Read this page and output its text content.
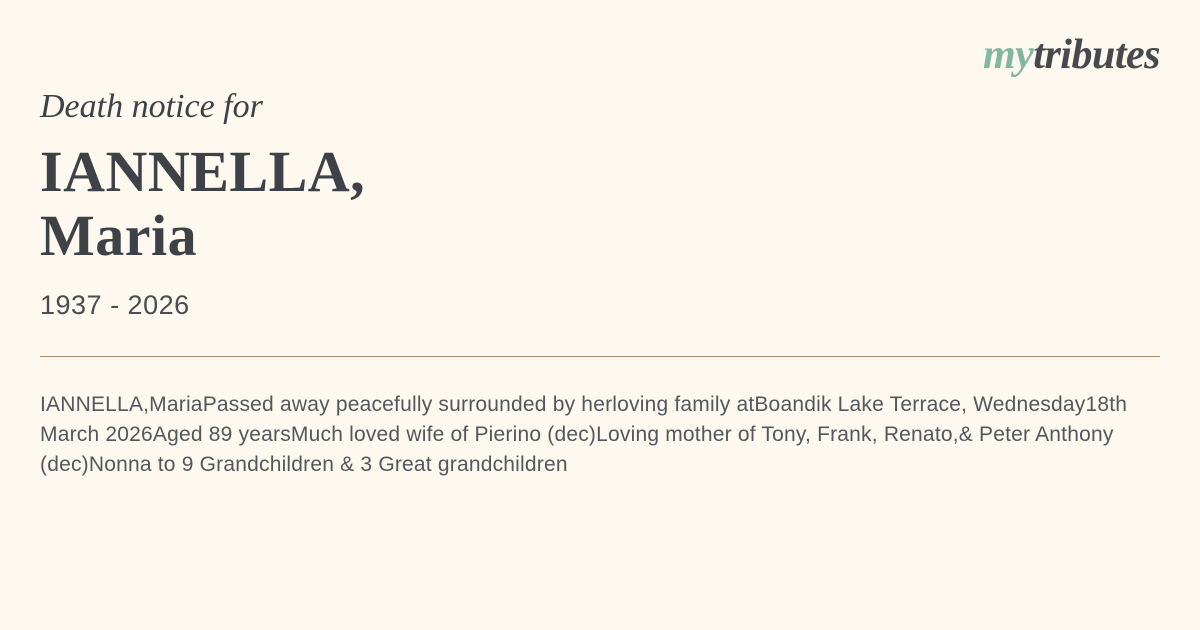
mytributes
Death notice for
IANNELLA,
Maria
1937 - 2026
IANNELLA,MariaPassed away peacefully surrounded by herloving family atBoandik Lake Terrace, Wednesday18th March 2026Aged 89 yearsMuch loved wife of Pierino (dec)Loving mother of Tony, Frank, Renato,& Peter Anthony (dec)Nonna to 9 Grandchildren & 3 Great grandchildren
